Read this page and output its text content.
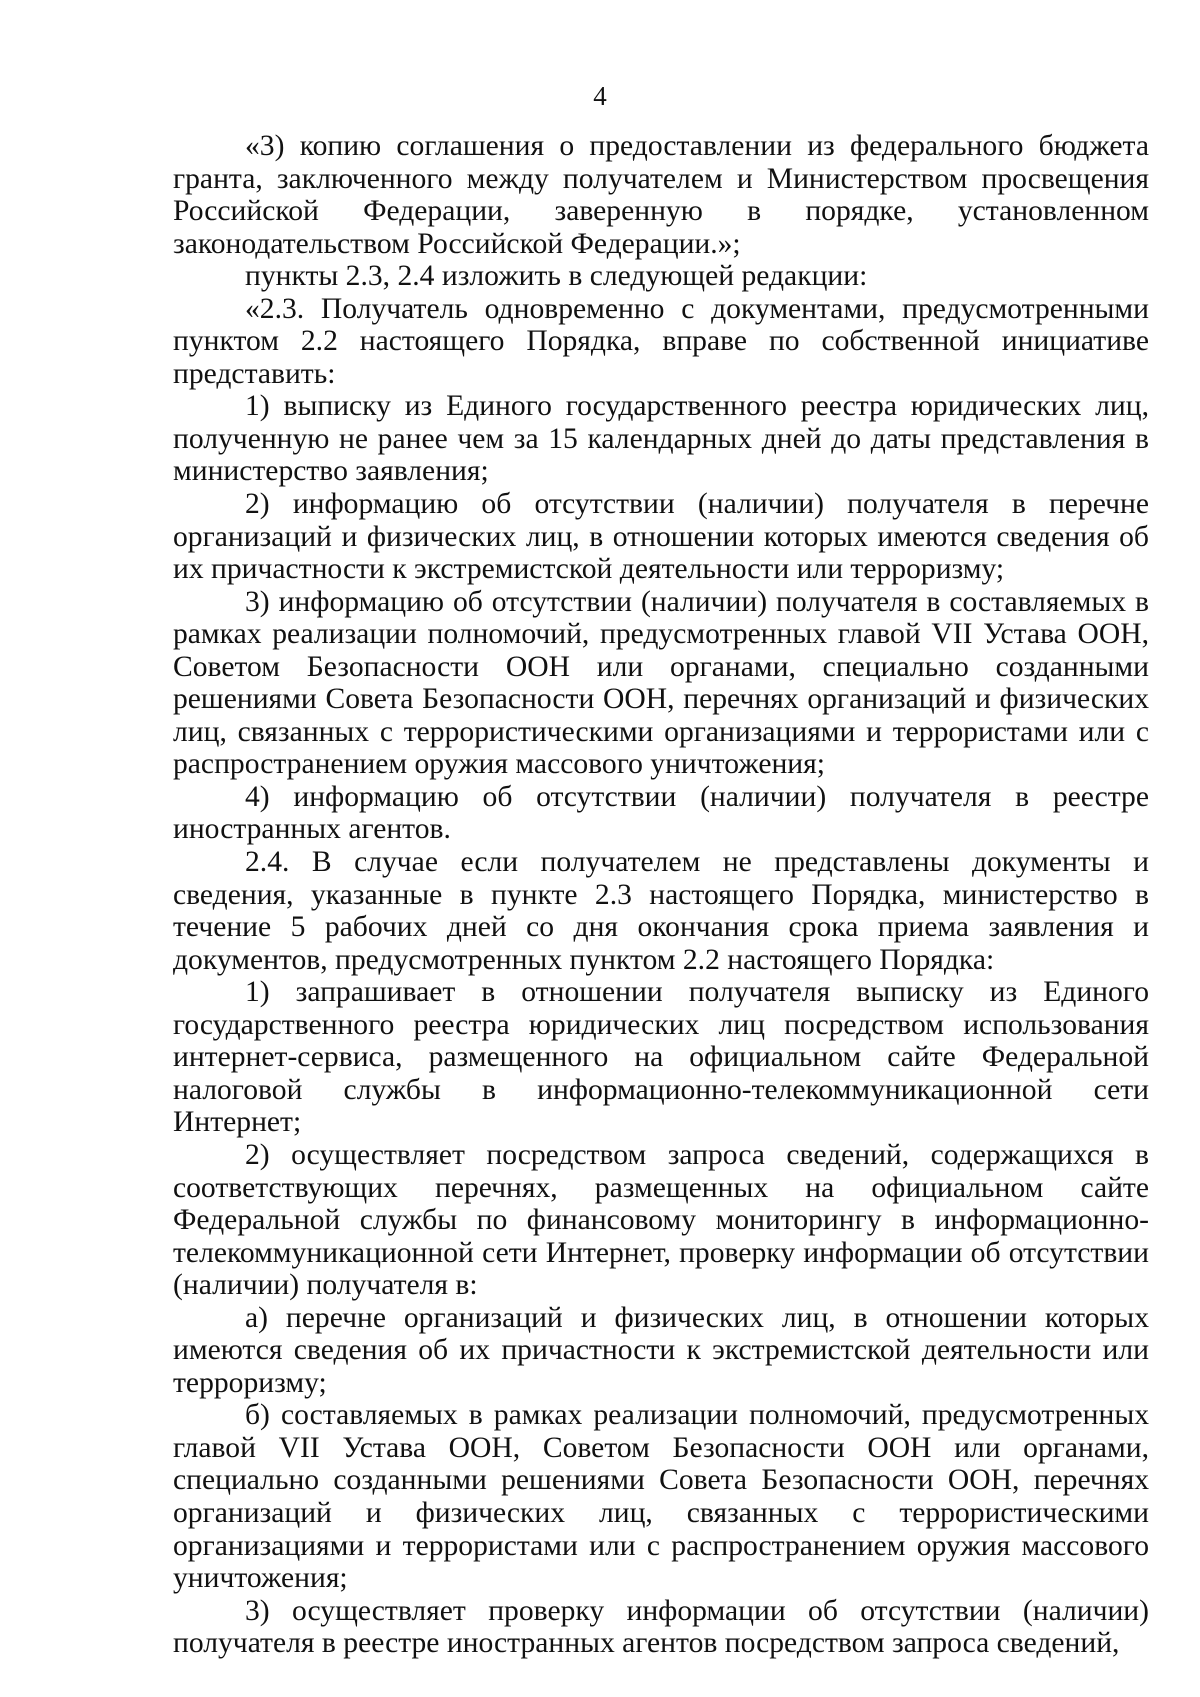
4

«3) копию соглашения о предоставлении из федерального бюджета гранта, заключенного между получателем и Министерством просвещения Российской Федерации, заверенную в порядке, установленном законодательством Российской Федерации.»;

пункты 2.3, 2.4 изложить в следующей редакции:

«2.3. Получатель одновременно с документами, предусмотренными пунктом 2.2 настоящего Порядка, вправе по собственной инициативе представить:

1) выписку из Единого государственного реестра юридических лиц, полученную не ранее чем за 15 календарных дней до даты представления в министерство заявления;

2) информацию об отсутствии (наличии) получателя в перечне организаций и физических лиц, в отношении которых имеются сведения об их причастности к экстремистской деятельности или терроризму;

3) информацию об отсутствии (наличии) получателя в составляемых в рамках реализации полномочий, предусмотренных главой VII Устава ООН, Советом Безопасности ООН или органами, специально созданными решениями Совета Безопасности ООН, перечнях организаций и физических лиц, связанных с террористическими организациями и террористами или с распространением оружия массового уничтожения;

4) информацию об отсутствии (наличии) получателя в реестре иностранных агентов.

2.4. В случае если получателем не представлены документы и сведения, указанные в пункте 2.3 настоящего Порядка, министерство в течение 5 рабочих дней со дня окончания срока приема заявления и документов, предусмотренных пунктом 2.2 настоящего Порядка:

1) запрашивает в отношении получателя выписку из Единого государственного реестра юридических лиц посредством использования интернет-сервиса, размещенного на официальном сайте Федеральной налоговой службы в информационно-телекоммуникационной сети Интернет;

2) осуществляет посредством запроса сведений, содержащихся в соответствующих перечнях, размещенных на официальном сайте Федеральной службы по финансовому мониторингу в информационно-телекоммуникационной сети Интернет, проверку информации об отсутствии (наличии) получателя в:

а) перечне организаций и физических лиц, в отношении которых имеются сведения об их причастности к экстремистской деятельности или терроризму;

б) составляемых в рамках реализации полномочий, предусмотренных главой VII Устава ООН, Советом Безопасности ООН или органами, специально созданными решениями Совета Безопасности ООН, перечнях организаций и физических лиц, связанных с террористическими организациями и террористами или с распространением оружия массового уничтожения;

3) осуществляет проверку информации об отсутствии (наличии) получателя в реестре иностранных агентов посредством запроса сведений,
